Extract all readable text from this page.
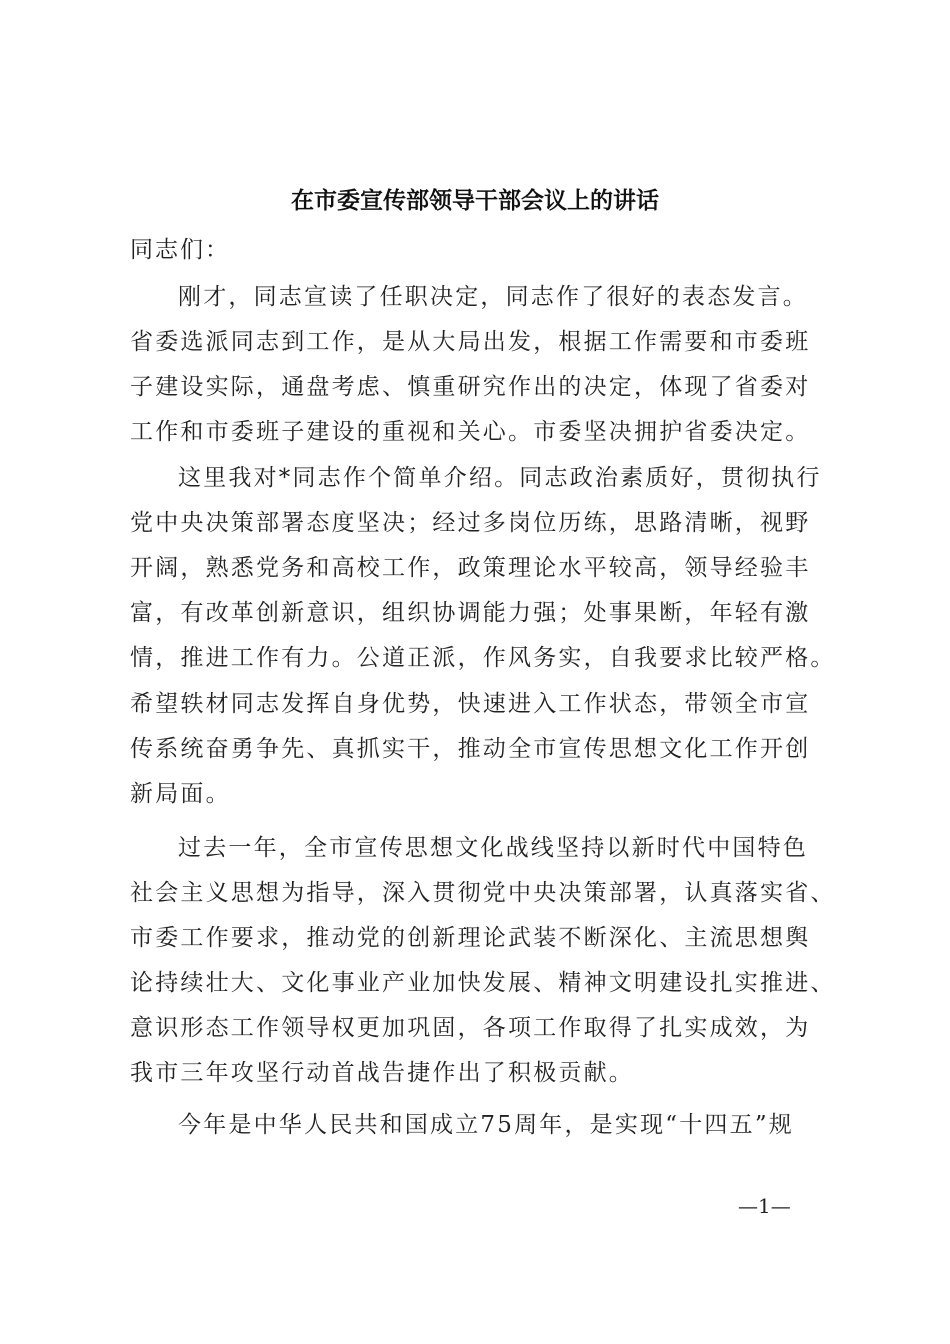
在市委宣传部领导干部会议上的讲话
同志们：
刚才，同志宣读了任职决定，同志作了很好的表态发言。
省委选派同志到工作，是从大局出发，根据工作需要和市委班
子建设实际，通盘考虑、慎重研究作出的决定，体现了省委对
工作和市委班子建设的重视和关心。市委坚决拥护省委决定。
这里我对*同志作个简单介绍。同志政治素质好，贯彻执行
党中央决策部署态度坚决；经过多岗位历练，思路清晰，视野
开阔，熟悉党务和高校工作，政策理论水平较高，领导经验丰
富，有改革创新意识，组织协调能力强；处事果断，年轻有激
情，推进工作有力。公道正派，作风务实，自我要求比较严格。
希望轶材同志发挥自身优势，快速进入工作状态，带领全市宣
传系统奋勇争先、真抓实干，推动全市宣传思想文化工作开创
新局面。
过去一年，全市宣传思想文化战线坚持以新时代中国特色
社会主义思想为指导，深入贯彻党中央决策部署，认真落实省、
市委工作要求，推动党的创新理论武装不断深化、主流思想舆
论持续壮大、文化事业产业加快发展、精神文明建设扎实推进、
意识形态工作领导权更加巩固，各项工作取得了扎实成效，为
我市三年攻坚行动首战告捷作出了积极贡献。
今年是中华人民共和国成立75周年，是实现“十四五”规
—1—
